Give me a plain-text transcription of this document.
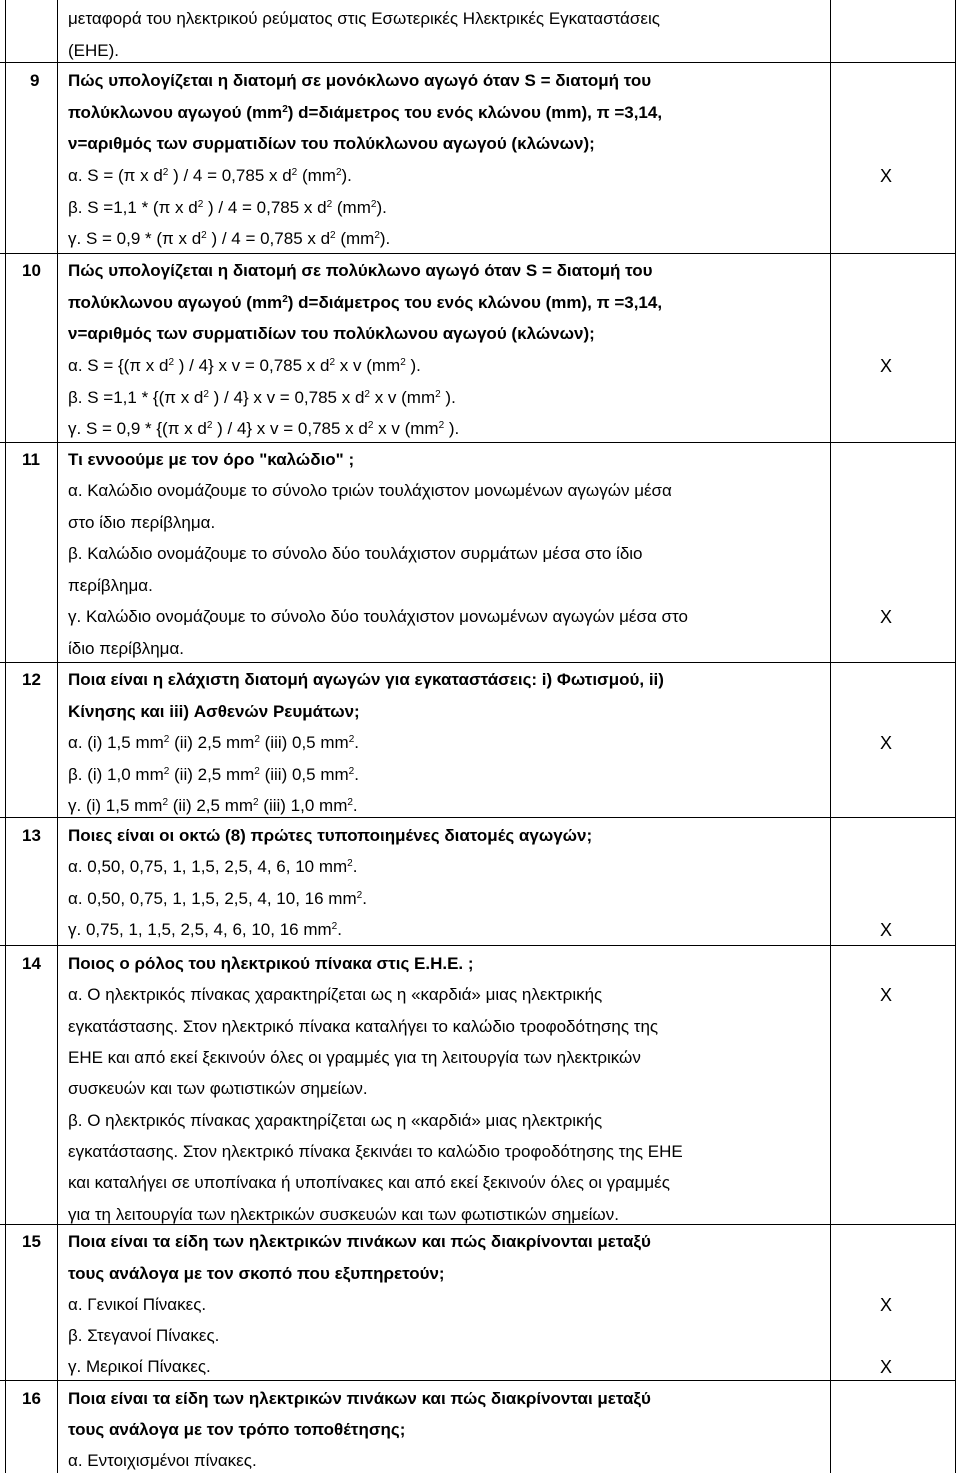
μεταφορά του ηλεκτρικού ρεύματος στις Εσωτερικές Ηλεκτρικές Εγκαταστάσεις
(ΕΗΕ).
9 Πώς υπολογίζεται η διατομή σε μονόκλωνο αγωγό όταν S = διατομή του
πολύκλωνου αγωγού $(mm^2)$ d=διάμετρος του ενός κλώνου (mm), π =3,14,
ν=αριθμός των συρματιδίων του πολύκλωνου αγωγού (κλώνων);
α. S = (π x $d^2$ ) / 4 = 0,785 x $d^2$ $(mm^2)$.	X
β. S =1,1 * (π x $d^2$ ) / 4 = 0,785 x $d^2$ $(mm^2)$.
γ. S = 0,9 * (π x $d^2$ ) / 4 = 0,785 x $d^2$ $(mm^2)$.
10 Πώς υπολογίζεται η διατομή σε πολύκλωνο αγωγό όταν S = διατομή του
πολύκλωνου αγωγού $(mm^2)$ d=διάμετρος του ενός κλώνου (mm), π =3,14,
ν=αριθμός των συρματιδίων του πολύκλωνου αγωγού (κλώνων);
α. S = {(π x $d^2$ ) / 4} x v = 0,785 x $d^2$ x v ($mm^2$ ).	X
β. S =1,1 * {(π x $d^2$ ) / 4} x v = 0,785 x $d^2$ x v ($mm^2$ ).
γ. S = 0,9 * {(π x $d^2$ ) / 4} x v = 0,785 x $d^2$ x v ($mm^2$ ).
11 Τι εννοούμε με τον όρο "καλώδιο" ;
α. Καλώδιο ονομάζουμε το σύνολο τριών τουλάχιστον μονωμένων αγωγών μέσα
στο ίδιο περίβλημα.
β. Καλώδιο ονομάζουμε το σύνολο δύο τουλάχιστον συρμάτων μέσα στο ίδιο
περίβλημα.
γ. Καλώδιο ονομάζουμε το σύνολο δύο τουλάχιστον μονωμένων αγωγών μέσα στο	X
ίδιο περίβλημα.
12 Ποια είναι η ελάχιστη διατομή αγωγών για εγκαταστάσεις: i) Φωτισμού, ii)
Κίνησης και iii) Ασθενών Ρευμάτων;
α. (i) 1,5 $mm^2$ (ii) 2,5 $mm^2$ (iii) 0,5 $mm^2$.	X
β. (i) 1,0 $mm^2$ (ii) 2,5 $mm^2$ (iii) 0,5 $mm^2$.
γ. (i) 1,5 $mm^2$ (ii) 2,5 $mm^2$ (iii) 1,0 $mm^2$.
13 Ποιες είναι οι οκτώ (8) πρώτες τυποποιημένες διατομές αγωγών;
α. 0,50, 0,75, 1, 1,5, 2,5, 4, 6, 10 $mm^2$.
α. 0,50, 0,75, 1, 1,5, 2,5, 4, 10, 16 $mm^2$.
γ. 0,75, 1, 1,5, 2,5, 4, 6, 10, 16 $mm^2$.	X
14 Ποιος ο ρόλος του ηλεκτρικού πίνακα στις Ε.Η.Ε. ;
α. Ο ηλεκτρικός πίνακας χαρακτηρίζεται ως η «καρδιά» μιας ηλεκτρικής	X
εγκατάστασης. Στον ηλεκτρικό πίνακα καταλήγει το καλώδιο τροφοδότησης της
ΕΗΕ και από εκεί ξεκινούν όλες οι γραμμές για τη λειτουργία των ηλεκτρικών
συσκευών και των φωτιστικών σημείων.
β. Ο ηλεκτρικός πίνακας χαρακτηρίζεται ως η «καρδιά» μιας ηλεκτρικής
εγκατάστασης. Στον ηλεκτρικό πίνακα ξεκινάει το καλώδιο τροφοδότησης της ΕΗΕ
και καταλήγει σε υποπίνακα ή υποπίνακες και από εκεί ξεκινούν όλες οι γραμμές
για τη λειτουργία των ηλεκτρικών συσκευών και των φωτιστικών σημείων.
15 Ποια είναι τα είδη των ηλεκτρικών πινάκων και πώς διακρίνονται μεταξύ
τους ανάλογα με τον σκοπό που εξυπηρετούν;
α. Γενικοί Πίνακες.	X
β. Στεγανοί Πίνακες.
γ. Μερικοί Πίνακες.	X
16 Ποια είναι τα είδη των ηλεκτρικών πινάκων και πώς διακρίνονται μεταξύ
τους ανάλογα με τον τρόπο τοποθέτησης;
α. Εντοιχισμένοι πίνακες.
